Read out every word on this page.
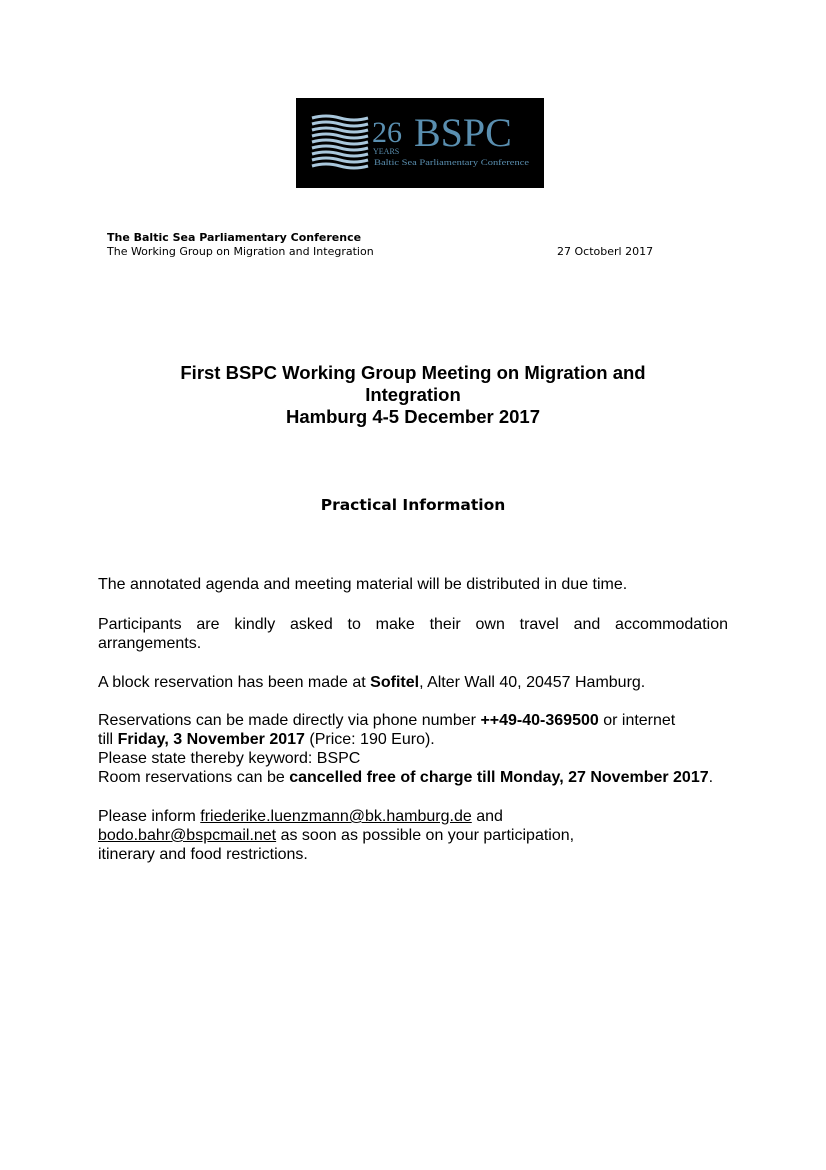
26
YEARS BSPC
Baltic Sea Parliamentary Conference

The Baltic Sea Parliamentary Conference

The Working Group on Migration and Integration	27 Octoberl 2017

First BSPC Working Group Meeting on Migration and
Integration
Hamburg 4-5 December 2017

Practical Information

The annotated agenda and meeting material will be distributed in due time.

Participants are kindly asked to make their own travel and accommodation arrangements.

A block reservation has been made at Sofitel, Alter Wall 40, 20457 Hamburg.

Reservations can be made directly via phone number ++49-40-369500 or internet
till Friday, 3 November 2017 (Price: 190 Euro).
Please state thereby keyword: BSPC
Room reservations can be cancelled free of charge till Monday, 27 November 2017.
Please inform friederike.luenzmann@bk.hamburg.de and
bodo.bahr@bspcmail.net as soon as possible on your participation,
itinerary and food restrictions.
